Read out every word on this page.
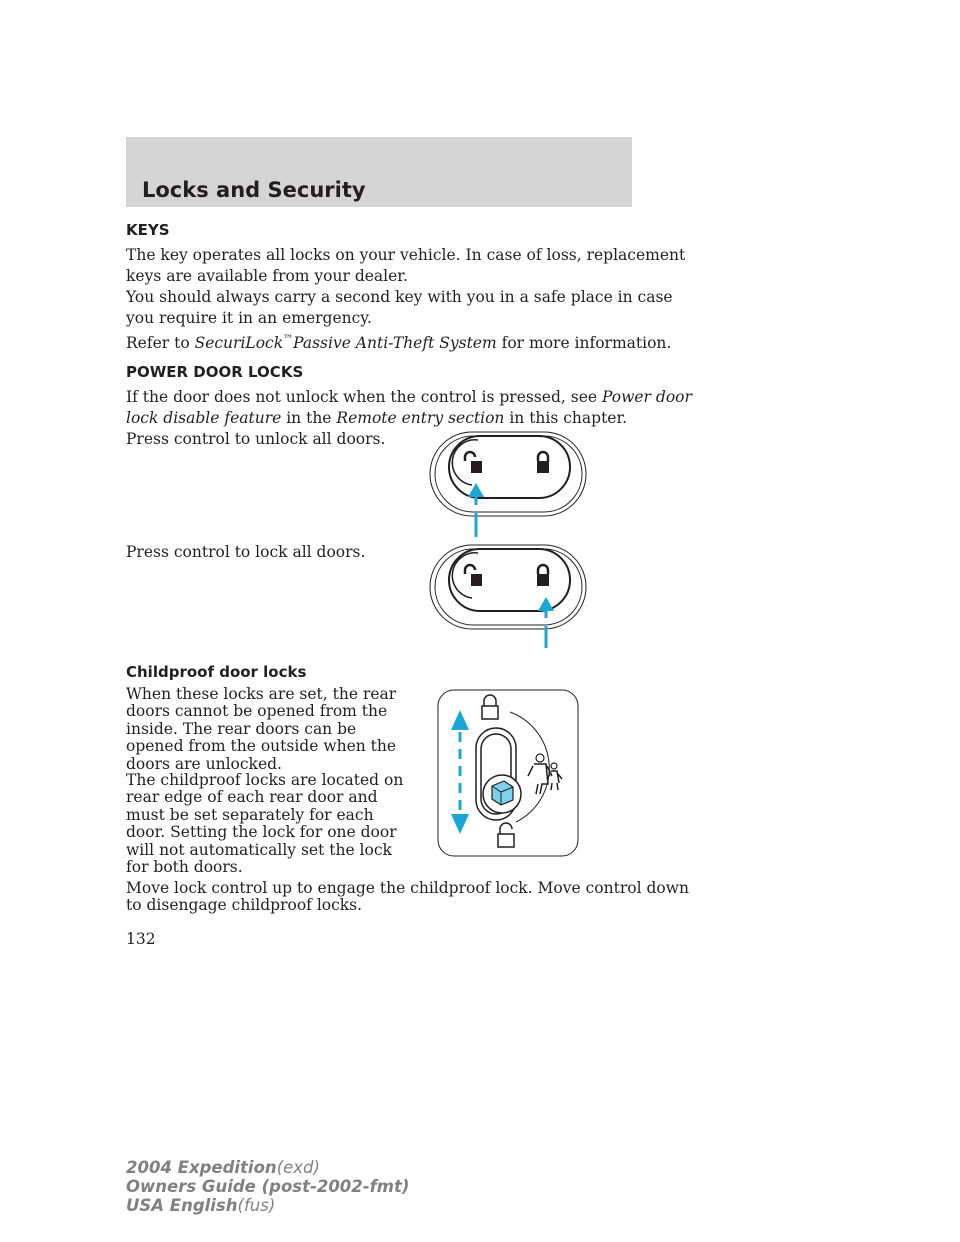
Locks and Security
KEYS
The key operates all locks on your vehicle. In case of loss, replacement
keys are available from your dealer.
You should always carry a second key with you in a safe place in case
you require it in an emergency.
Refer to SecuriLock™Passive Anti-Theft System for more information.
POWER DOOR LOCKS
If the door does not unlock when the control is pressed, see Power door
lock disable feature in the Remote entry section in this chapter.
Press control to unlock all doors.
Press control to lock all doors.
Childproof door locks
When these locks are set, the rear
doors cannot be opened from the
inside. The rear doors can be
opened from the outside when the
doors are unlocked.
The childproof locks are located on
rear edge of each rear door and
must be set separately for each
door. Setting the lock for one door
will not automatically set the lock
for both doors.
Move lock control up to engage the childproof lock. Move control down
to disengage childproof locks.
132
2004 Expedition(exd)
Owners Guide (post-2002-fmt)
USA English(fus)
